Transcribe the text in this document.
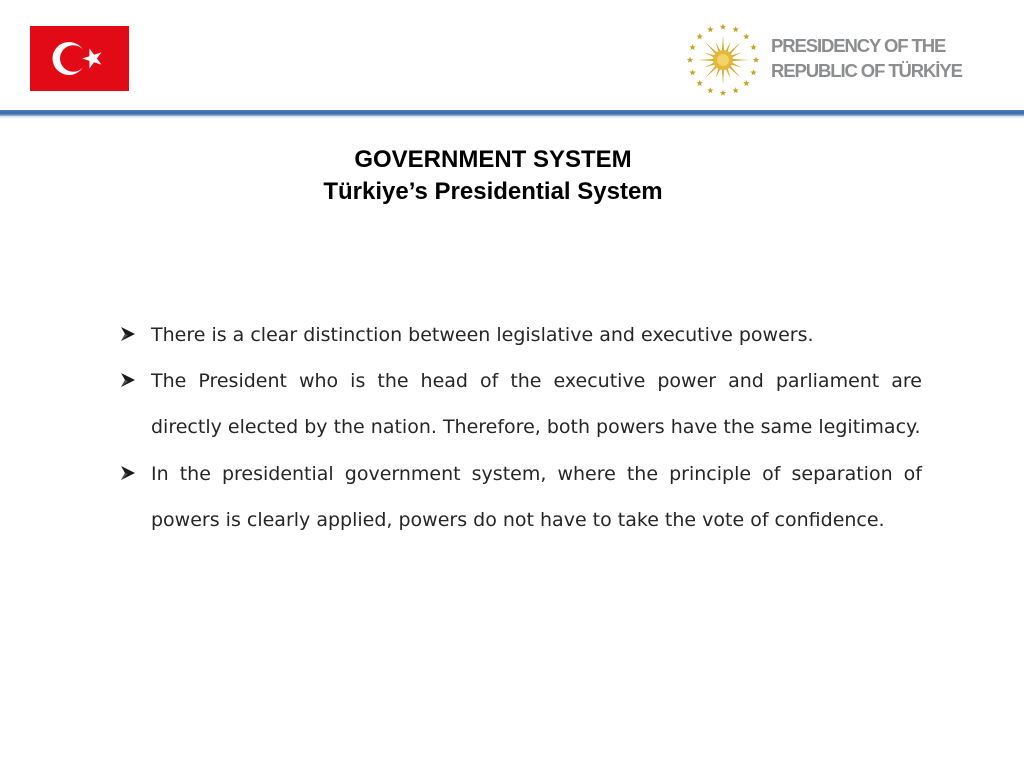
PRESIDENCY OF THE
REPUBLIC OF TÜRKİYE
GOVERNMENT SYSTEM
Türkiye’s Presidential System
There is a clear distinction between legislative and executive powers.
The President who is the head of the executive power and parliament are directly elected by the nation. Therefore, both powers have the same legitimacy.
In the presidential government system, where the principle of separation of powers is clearly applied, powers do not have to take the vote of confidence.
